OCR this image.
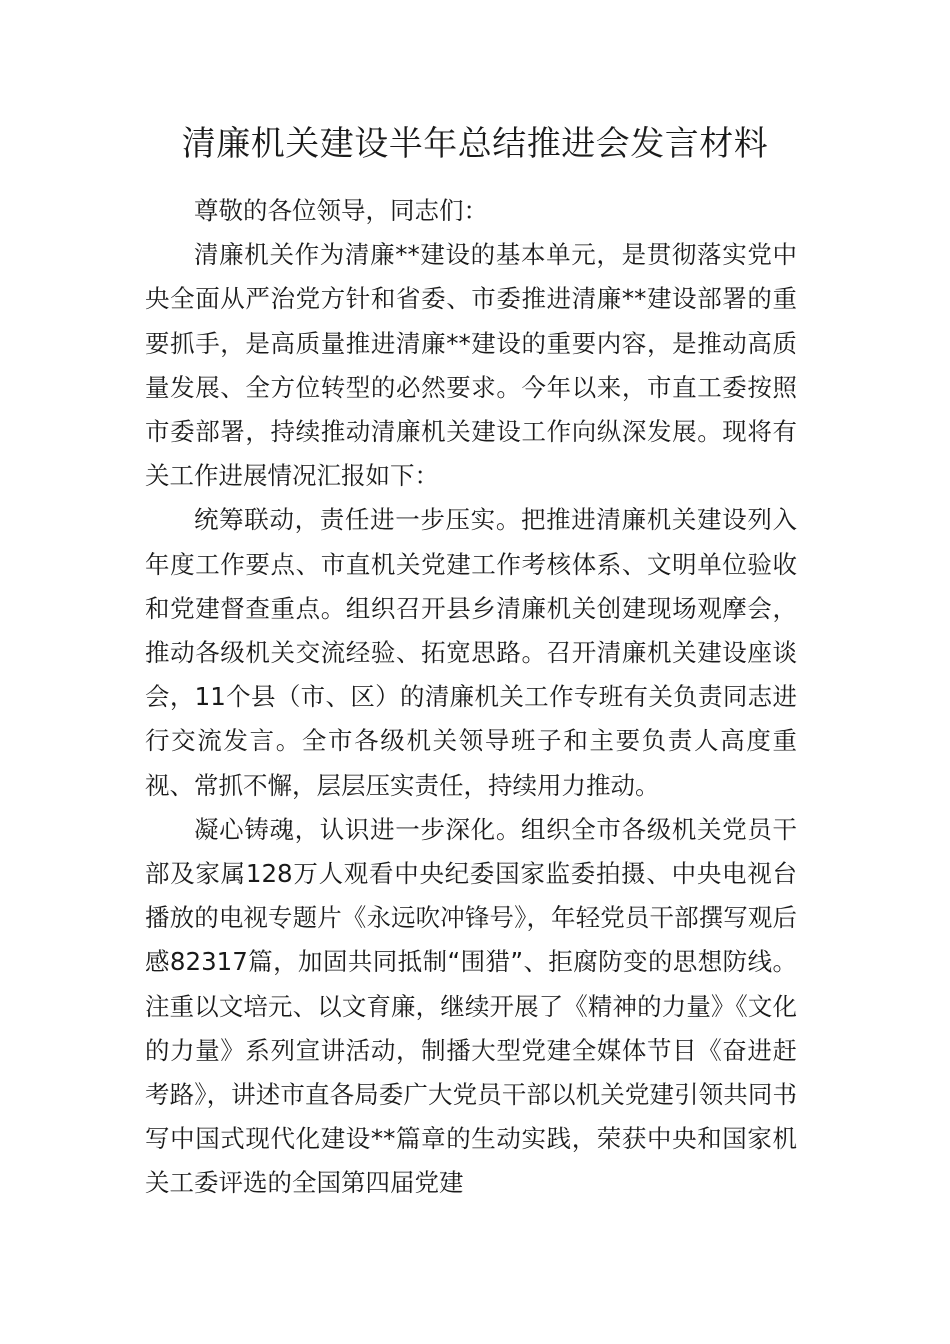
清廉机关建设半年总结推进会发言材料

尊敬的各位领导，同志们：

清廉机关作为清廉**建设的基本单元，是贯彻落实党中央全面从严治党方针和省委、市委推进清廉**建设部署的重要抓手，是高质量推进清廉**建设的重要内容，是推动高质量发展、全方位转型的必然要求。今年以来，市直工委按照市委部署，持续推动清廉机关建设工作向纵深发展。现将有关工作进展情况汇报如下：

统筹联动，责任进一步压实。把推进清廉机关建设列入年度工作要点、市直机关党建工作考核体系、文明单位验收和党建督查重点。组织召开县乡清廉机关创建现场观摩会，推动各级机关交流经验、拓宽思路。召开清廉机关建设座谈会，11个县（市、区）的清廉机关工作专班有关负责同志进行交流发言。全市各级机关领导班子和主要负责人高度重视、常抓不懈，层层压实责任，持续用力推动。

凝心铸魂，认识进一步深化。组织全市各级机关党员干部及家属128万人观看中央纪委国家监委拍摄、中央电视台播放的电视专题片《永远吹冲锋号》，年轻党员干部撰写观后感82317篇，加固共同抵制“围猎”、拒腐防变的思想防线。注重以文培元、以文育廉，继续开展了《精神的力量》《文化的力量》系列宣讲活动，制播大型党建全媒体节目《奋进赶考路》，讲述市直各局委广大党员干部以机关党建引领共同书写中国式现代化建设**篇章的生动实践，荣获中央和国家机关工委评选的全国第四届党建
